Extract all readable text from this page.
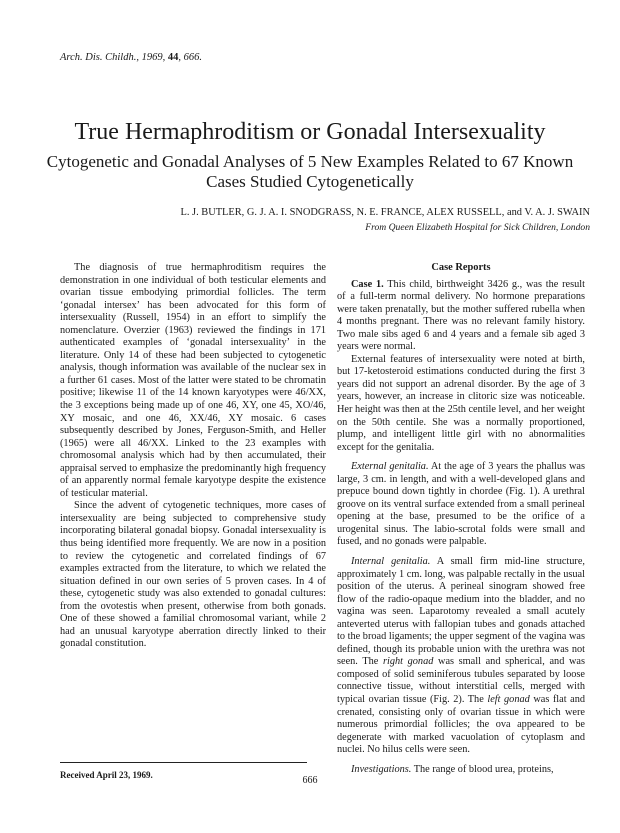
Arch. Dis. Childh., 1969, 44, 666.
True Hermaphroditism or Gonadal Intersexuality
Cytogenetic and Gonadal Analyses of 5 New Examples Related to 67 Known Cases Studied Cytogenetically
L. J. BUTLER, G. J. A. I. SNODGRASS, N. E. FRANCE, ALEX RUSSELL, and V. A. J. SWAIN
From Queen Elizabeth Hospital for Sick Children, London

The diagnosis of true hermaphroditism requires the demonstration in one individual of both testicular elements and ovarian tissue embodying primordial follicles. The term ‘gonadal intersex’ has been advocated for this form of intersexuality (Russell, 1954) in an effort to simplify the nomenclature. Overzier (1963) reviewed the findings in 171 authenticated examples of ‘gonadal intersexuality’ in the literature. Only 14 of these had been subjected to cytogenetic analysis, though information was available of the nuclear sex in a further 61 cases. Most of the latter were stated to be chromatin positive; likewise 11 of the 14 known karyotypes were 46/XX, the 3 exceptions being made up of one 46, XY, one 45, XO/46, XY mosaic, and one 46, XX/46, XY mosaic. 6 cases subsequently described by Jones, Ferguson-Smith, and Heller (1965) were all 46/XX. Linked to the 23 examples with chromosomal analysis which had by then accumulated, their appraisal served to emphasize the predominantly high frequency of an apparently normal female karyotype despite the existence of testicular material.

Since the advent of cytogenetic techniques, more cases of intersexuality are being subjected to comprehensive study incorporating bilateral gonadal biopsy. Gonadal intersexuality is thus being identified more frequently. We are now in a position to review the cytogenetic and correlated findings of 67 examples extracted from the literature, to which we related the situation defined in our own series of 5 proven cases. In 4 of these, cytogenetic study was also extended to gonadal cultures: from the ovotestis when present, otherwise from both gonads. One of these showed a familial chromosomal variant, while 2 had an unusual karyotype aberration directly linked to their gonadal constitution.

Case Reports

Case 1. This child, birthweight 3426 g., was the result of a full-term normal delivery. No hormone preparations were taken prenatally, but the mother suffered rubella when 4 months pregnant. There was no relevant family history. Two male sibs aged 6 and 4 years and a female sib aged 3 years were normal.

External features of intersexuality were noted at birth, but 17-ketosteroid estimations conducted during the first 3 years did not support an adrenal disorder. By the age of 3 years, however, an increase in clitoric size was noticeable. Her height was then at the 25th centile level, and her weight on the 50th centile. She was a normally proportioned, plump, and intelligent little girl with no abnormalities except for the genitalia.

External genitalia. At the age of 3 years the phallus was large, 3 cm. in length, and with a well-developed glans and prepuce bound down tightly in chordee (Fig. 1). A urethral groove on its ventral surface extended from a small perineal opening at the base, presumed to be the orifice of a urogenital sinus. The labio-scrotal folds were small and fused, and no gonads were palpable.

Internal genitalia. A small firm mid-line structure, approximately 1 cm. long, was palpable rectally in the usual position of the uterus. A perineal sinogram showed free flow of the radio-opaque medium into the bladder, and no vagina was seen. Laparotomy revealed a small acutely anteverted uterus with fallopian tubes and gonads attached to the broad ligaments; the upper segment of the vagina was defined, though its probable union with the urethra was not seen. The right gonad was small and spherical, and was composed of solid seminiferous tubules separated by loose connective tissue, without interstitial cells, merged with typical ovarian tissue (Fig. 2). The left gonad was flat and crenated, consisting only of ovarian tissue in which were numerous primordial follicles; the ova appeared to be degenerate with marked vacuolation of cytoplasm and nuclei. No hilus cells were seen.

Investigations. The range of blood urea, proteins,

Received April 23, 1969.	666
